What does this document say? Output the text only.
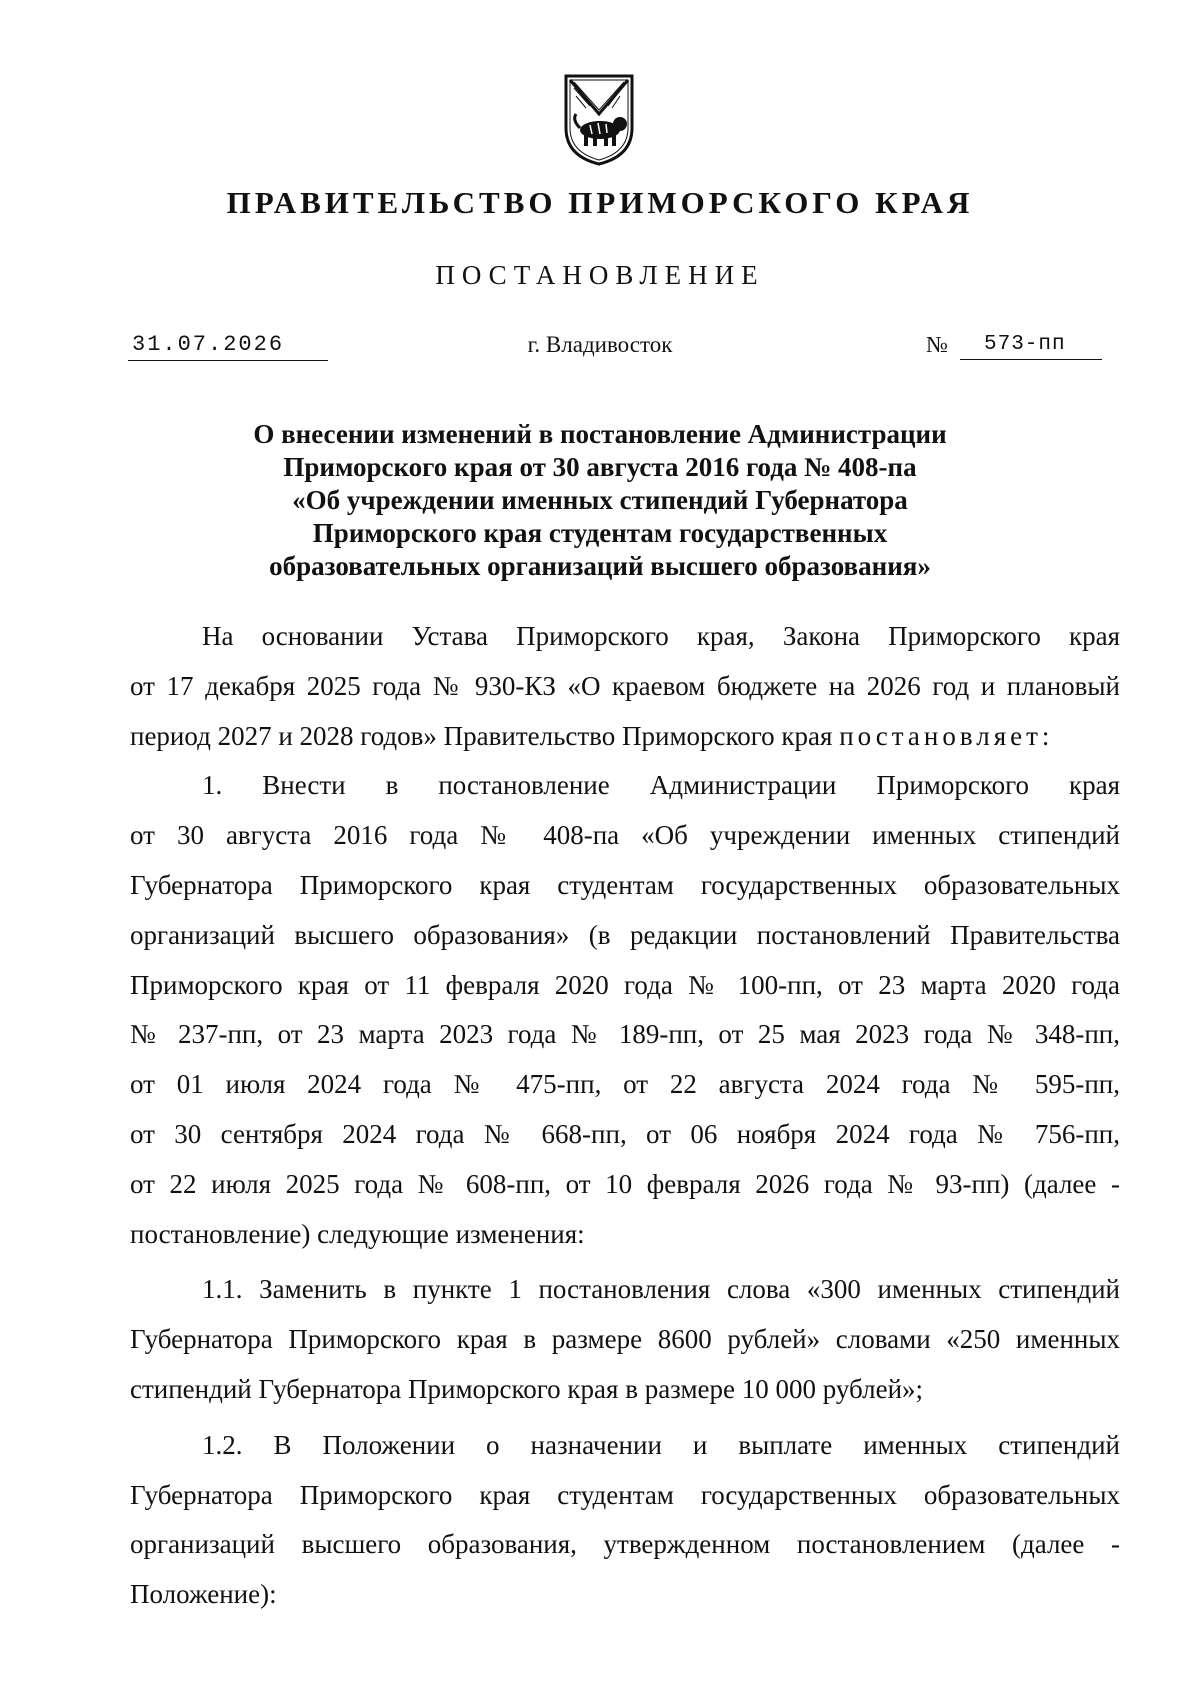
ПРАВИТЕЛЬСТВО ПРИМОРСКОГО КРАЯ
ПОСТАНОВЛЕНИЕ
31.07.2026	г. Владивосток	№	573-пп
О внесении изменений в постановление Администрации
Приморского края от 30 августа 2016 года № 408-па
«Об учреждении именных стипендий Губернатора
Приморского края студентам государственных
образовательных организаций высшего образования»
На основании Устава Приморского края, Закона Приморского края
от 17 декабря 2025 года № 930-КЗ «О краевом бюджете на 2026 год и плановый
период 2027 и 2028 годов» Правительство Приморского края постановляет:
1. Внести в постановление Администрации Приморского края
от 30 августа 2016 года № 408-па «Об учреждении именных стипендий
Губернатора Приморского края студентам государственных образовательных
организаций высшего образования» (в редакции постановлений Правительства
Приморского края от 11 февраля 2020 года № 100-пп, от 23 марта 2020 года
№ 237-пп, от 23 марта 2023 года № 189-пп, от 25 мая 2023 года № 348-пп,
от 01 июля 2024 года № 475-пп, от 22 августа 2024 года № 595-пп,
от 30 сентября 2024 года № 668-пп, от 06 ноября 2024 года № 756-пп,
от 22 июля 2025 года № 608-пп, от 10 февраля 2026 года № 93-пп) (далее -
постановление) следующие изменения:
1.1. Заменить в пункте 1 постановления слова «300 именных стипендий
Губернатора Приморского края в размере 8600 рублей» словами «250 именных
стипендий Губернатора Приморского края в размере 10 000 рублей»;
1.2. В Положении о назначении и выплате именных стипендий
Губернатора Приморского края студентам государственных образовательных
организаций высшего образования, утвержденном постановлением (далее -
Положение):
